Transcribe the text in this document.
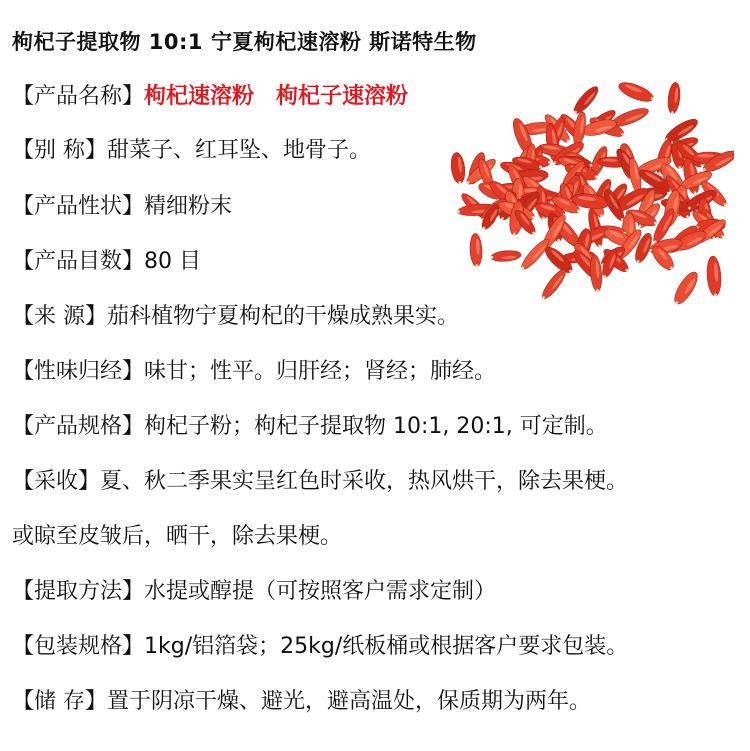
枸杞子提取物 10:1 宁夏枸杞速溶粉 斯诺特生物
【产品名称】枸杞速溶粉 枸杞子速溶粉
【别 称】甜菜子、红耳坠、地骨子。
【产品性状】精细粉末
【产品目数】80 目
【来 源】茄科植物宁夏枸杞的干燥成熟果实。
【性味归经】味甘；性平。归肝经；肾经；肺经。
【产品规格】枸杞子粉；枸杞子提取物 10:1, 20:1, 可定制。
【采收】夏、秋二季果实呈红色时采收，热风烘干，除去果梗。
或晾至皮皱后，晒干，除去果梗。
【提取方法】水提或醇提（可按照客户需求定制）
【包装规格】1kg/铝箔袋；25kg/纸板桶或根据客户要求包装。
【储 存】置于阴凉干燥、避光，避高温处，保质期为两年。
